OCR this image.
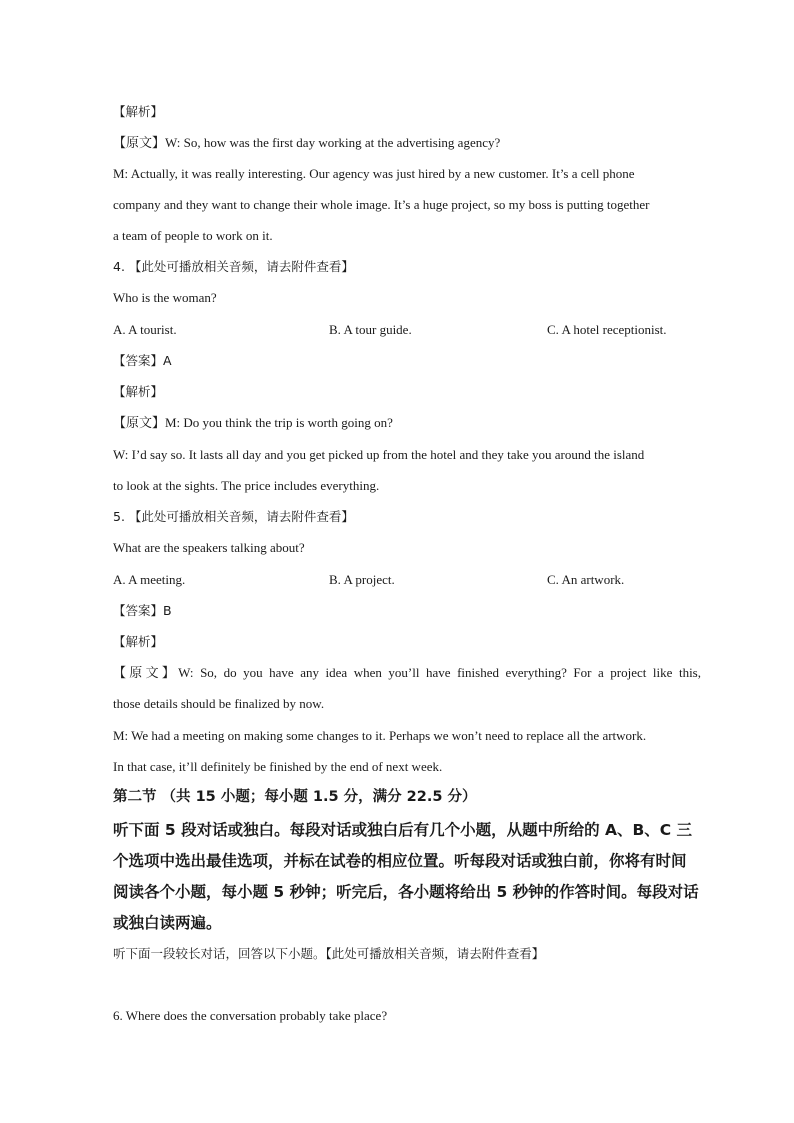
【解析】
【原文】W: So, how was the first day working at the advertising agency?
M: Actually, it was really interesting. Our agency was just hired by a new customer. It’s a cell phone
company and they want to change their whole image. It’s a huge project, so my boss is putting together
a team of people to work on it.
4. 【此处可播放相关音频，请去附件查看】
Who is the woman?
A. A tourist.	B. A tour guide.	C. A hotel receptionist.
【答案】A
【解析】
【原文】M: Do you think the trip is worth going on?
W: I’d say so. It lasts all day and you get picked up from the hotel and they take you around the island
to look at the sights. The price includes everything.
5. 【此处可播放相关音频，请去附件查看】
What are the speakers talking about?
A. A meeting.	B. A project.	C. An artwork.
【答案】B
【解析】
【原文】W: So, do you have any idea when you’ll have finished everything? For a project like this,
those details should be finalized by now.
M: We had a meeting on making some changes to it. Perhaps we won’t need to replace all the artwork.
In that case, it’ll definitely be finished by the end of next week.
第二节 （共 15 小题；每小题 1.5 分，满分 22.5 分）
听下面 5 段对话或独白。每段对话或独白后有几个小题，从题中所给的 A、B、C 三
个选项中选出最佳选项，并标在试卷的相应位置。听每段对话或独白前，你将有时间
阅读各个小题，每小题 5 秒钟；听完后，各小题将给出 5 秒钟的作答时间。每段对话
或独白读两遍。
听下面一段较长对话，回答以下小题。【此处可播放相关音频，请去附件查看】
6. Where does the conversation probably take place?
